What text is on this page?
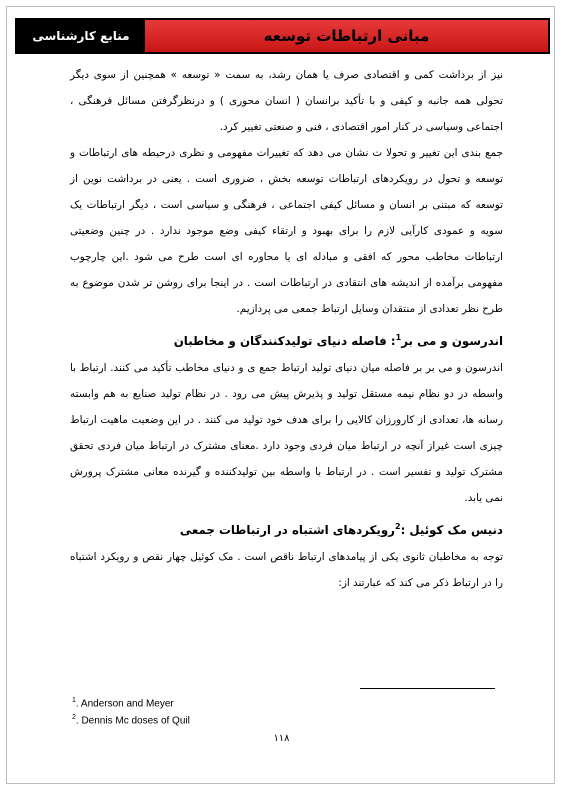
منابع کارشناسی	مبانی ارتباطات توسعه

نیز از برداشت کمی و اقتصادی صرف یا همان رشد، به سمت « توسعه » همچنین از سوی دیگر تحولی همه جانبه و کیفی و با تأکید برانسان ( انسان محوری ) و درنظرگرفتن مسائل فرهنگی ، اجتماعی وسیاسی در کنار امور اقتصادی ، فنی و صنعتی تغییر کرد.

جمع بندی این تغییر و تحولا ت نشان می دهد که تغییرات مفهومی و نظری درحیطه های ارتباطات و توسعه و تحول در رویکردهای ارتباطات توسعه بخش ، ضروری است . یعنی در برداشت نوین از توسعه که مبتنی بر انسان و مسائل کیفی اجتماعی ، فرهنگی و سیاسی است ، دیگر ارتباطات یک سویه و عمودی کارآیی لازم را برای بهبود و ارتقاء کیفی وضع موجود ندارد . در چنین وضعیتی ارتباطات مخاطب محور که افقی و مبادله ای یا محاوره ای است طرح می شود .این چارچوب مفهومی برآمده از اندیشه های انتقادی در ارتباطات است . در اینجا برای روشن تر شدن موضوع به طرح نظر تعدادی از منتقدان وسایل ارتباط جمعی می پردازیم.

اندرسون و می بر$^1$: فاصله دنیای تولیدکنندگان و مخاطبان

اندرسون و می بر بر فاصله میان دنیای تولید ارتباط جمع ی و دنیای مخاطب تأکید می کنند. ارتباط با واسطه در دو نظام نیمه مستقل تولید و پذیرش پیش می رود . در نظام تولید صنایع به هم وابسته رسانه ها، تعدادی از کارورزان کالایی را برای هدف خود تولید می کنند . در این وضعیت ماهیت ارتباط چیزی است غیراز آنچه در ارتباط میان فردی وجود دارد .معنای مشترک در ارتباط میان فردی تحقق مشترک تولید و تفسیر است . در ارتباط با واسطه بین تولیدکننده و گیرنده معانی مشترک پرورش نمی یابد.

دنیس مک کوئیل :$^2$رویکردهای اشتباه در ارتباطات جمعی

توجه به مخاطبان ثانوی یکی از پیامدهای ارتباط ناقص است . مک کوئیل چهار نقص و رویکرد اشتباه را در ارتباط ذکر می کند که عبارتند از:

$^1$. Anderson and Meyer
$^2$. Dennis Mc doses of Quil
۱۱۸
